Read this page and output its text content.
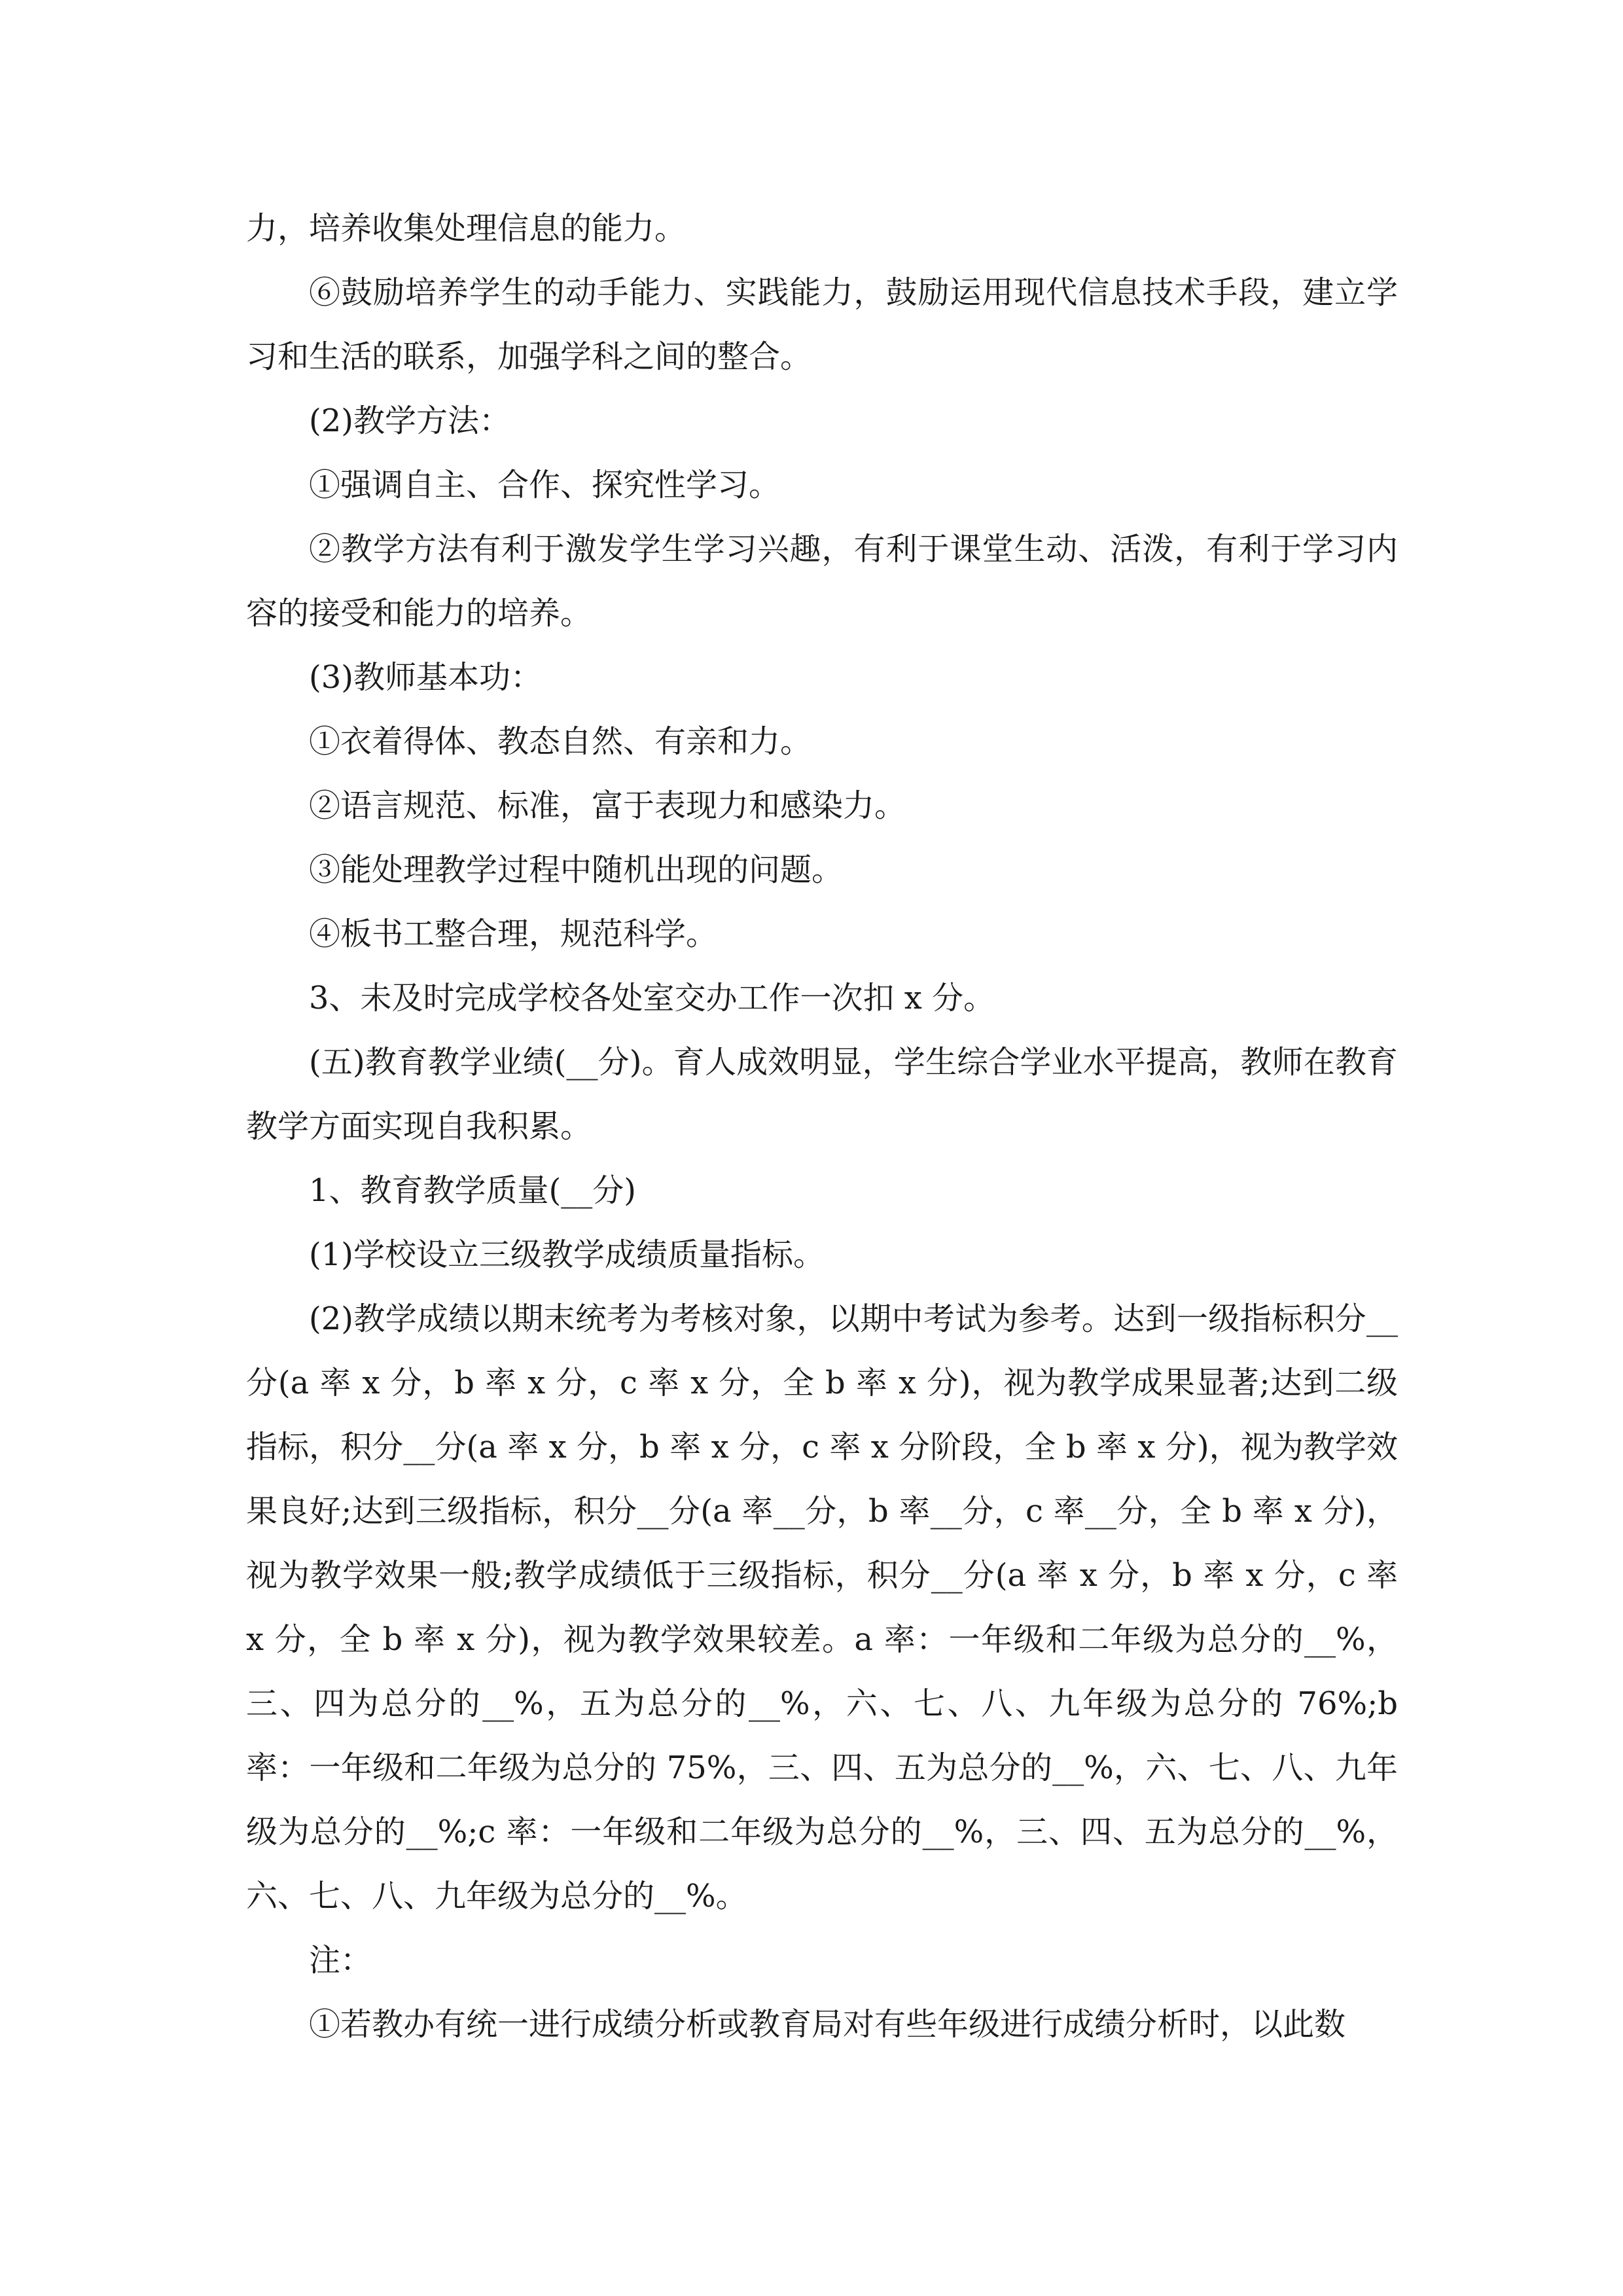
力，培养收集处理信息的能力。

⑥鼓励培养学生的动手能力、实践能力，鼓励运用现代信息技术手段，建立学习和生活的联系，加强学科之间的整合。

(2)教学方法：

①强调自主、合作、探究性学习。

②教学方法有利于激发学生学习兴趣，有利于课堂生动、活泼，有利于学习内容的接受和能力的培养。

(3)教师基本功：

①衣着得体、教态自然、有亲和力。

②语言规范、标准，富于表现力和感染力。

③能处理教学过程中随机出现的问题。

④板书工整合理，规范科学。

3、未及时完成学校各处室交办工作一次扣 x 分。

(五)教育教学业绩(__分)。育人成效明显，学生综合学业水平提高，教师在教育教学方面实现自我积累。

1、教育教学质量(__分)

(1)学校设立三级教学成绩质量指标。

(2)教学成绩以期末统考为考核对象，以期中考试为参考。达到一级指标积分__分(a 率 x 分，b 率 x 分，c 率 x 分，全 b 率 x 分)，视为教学成果显著;达到二级指标，积分__分(a 率 x 分，b 率 x 分，c 率 x 分阶段，全 b 率 x 分)，视为教学效果良好;达到三级指标，积分__分(a 率__分，b 率__分，c 率__分，全 b 率 x 分)，视为教学效果一般;教学成绩低于三级指标，积分__分(a 率 x 分，b 率 x 分，c 率 x 分，全 b 率 x 分)，视为教学效果较差。a 率：一年级和二年级为总分的__%，三、四为总分的__%，五为总分的__%，六、七、八、九年级为总分的 76%;b 率：一年级和二年级为总分的 75%，三、四、五为总分的__%，六、七、八、九年级为总分的__%;c 率：一年级和二年级为总分的__%，三、四、五为总分的__%，六、七、八、九年级为总分的__%。

注：

①若教办有统一进行成绩分析或教育局对有些年级进行成绩分析时，以此数
